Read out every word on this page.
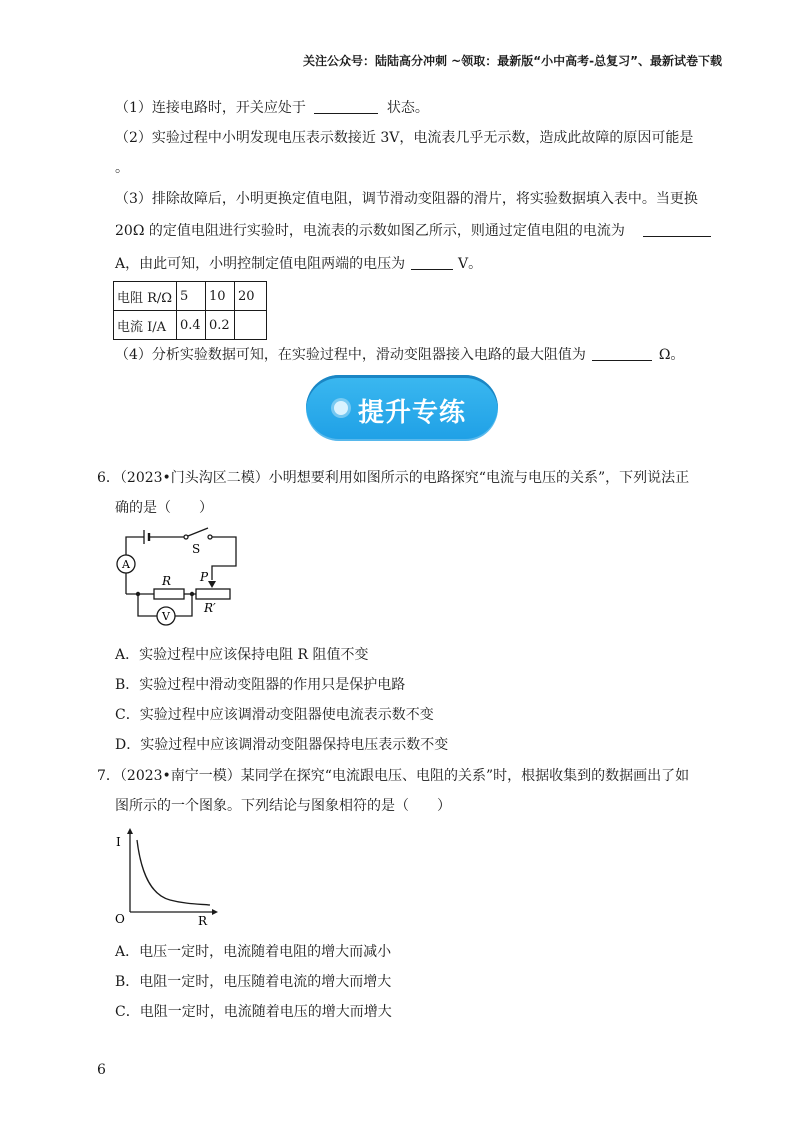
关注公众号：陆陆高分冲刺 ~领取：最新版“小中高考-总复习”、最新试卷下载
（1）连接电路时，开关应处于	状态。
（2）实验过程中小明发现电压表示数接近 3V，电流表几乎无示数，造成此故障的原因可能是
。
（3）排除故障后，小明更换定值电阻，调节滑动变阻器的滑片，将实验数据填入表中。当更换
20Ω 的定值电阻进行实验时，电流表的示数如图乙所示，则通过定值电阻的电流为
A，由此可知，小明控制定值电阻两端的电压为	V。
电阻 R/Ω	5	10	20
电流 I/A	0.4	0.2	
（4）分析实验数据可知，在实验过程中，滑动变阻器接入电路的最大阻值为	Ω。
提升专练
6．（2023•门头沟区二模）小明想要利用如图所示的电路探究“电流与电压的关系”，下列说法正
确的是（　　）
A
V
S
R P
R′
A．实验过程中应该保持电阻 R 阻值不变
B．实验过程中滑动变阻器的作用只是保护电路
C．实验过程中应该调滑动变阻器使电流表示数不变
D．实验过程中应该调滑动变阻器保持电压表示数不变
7．（2023•南宁一模）某同学在探究“电流跟电压、电阻的关系”时，根据收集到的数据画出了如
图所示的一个图象。下列结论与图象相符的是（　　）
I
R
O
A．电压一定时，电流随着电阻的增大而减小
B．电阻一定时，电压随着电流的增大而增大
C．电阻一定时，电流随着电压的增大而增大
6
